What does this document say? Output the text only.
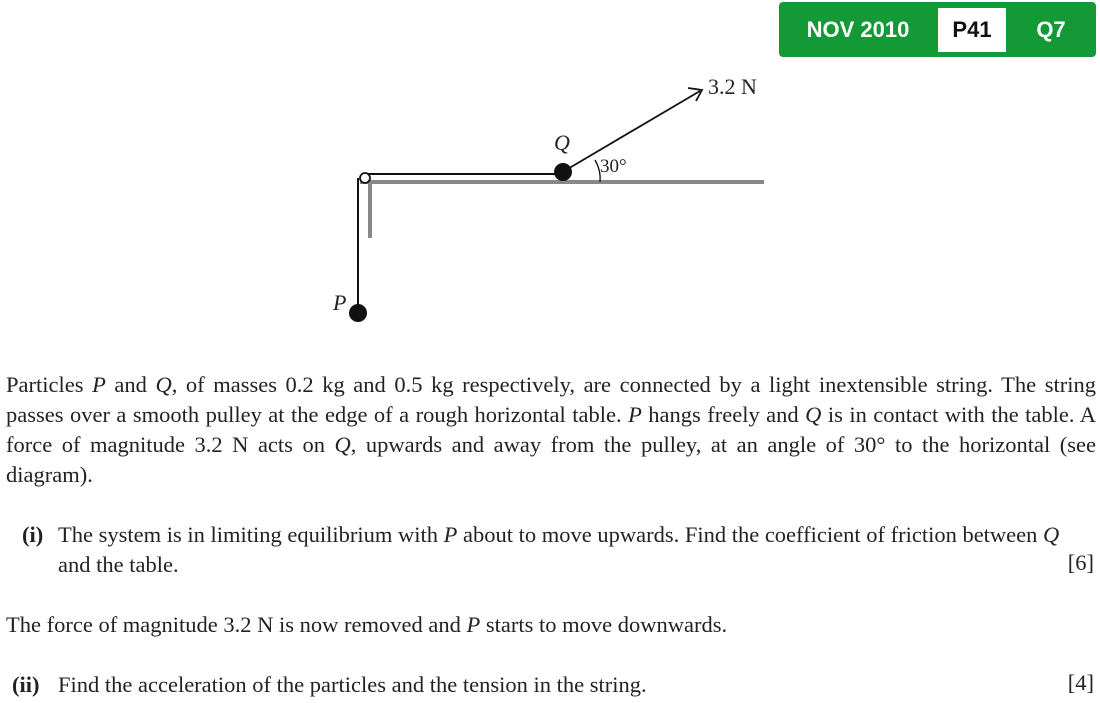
NOV 2010	P41	Q7
3.2 N
30°
Q
P

Particles P and Q, of masses 0.2 kg and 0.5 kg respectively, are connected by a light inextensible string. The string passes over a smooth pulley at the edge of a rough horizontal table. P hangs freely and Q is in contact with the table. A force of magnitude 3.2 N acts on Q, upwards and away from the pulley, at an angle of 30° to the horizontal (see diagram).

(i) The system is in limiting equilibrium with P about to move upwards. Find the coefficient of friction between Q and the table.	[6]
The force of magnitude 3.2 N is now removed and P starts to move downwards.
(ii) Find the acceleration of the particles and the tension in the string.	[4]
